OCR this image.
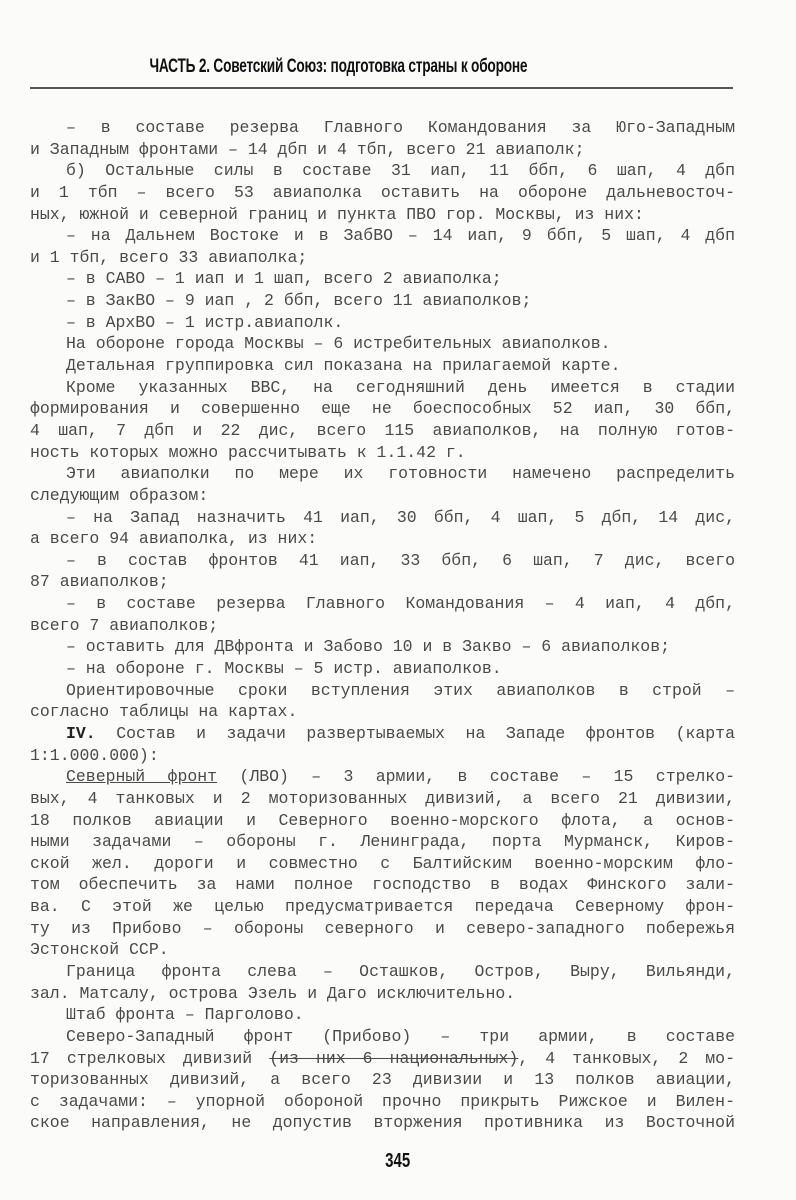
ЧАСТЬ 2. Советский Союз: подготовка страны к обороне
– в составе резерва Главного Командования за Юго-Западным
и Западным фронтами – 14 дбп и 4 тбп, всего 21 авиаполк;
б) Остальные силы в составе 31 иап, 11 ббп, 6 шап, 4 дбп
и 1 тбп – всего 53 авиаполка оставить на обороне дальневосточ-
ных, южной и северной границ и пункта ПВО гор. Москвы, из них:
– на Дальнем Востоке и в ЗабВО – 14 иап, 9 ббп, 5 шап, 4 дбп
и 1 тбп, всего 33 авиаполка;
– в САВО – 1 иап и 1 шап, всего 2 авиаполка;
– в ЗакВО – 9 иап , 2 ббп, всего 11 авиаполков;
– в АрхВО – 1 истр.авиаполк.
На обороне города Москвы – 6 истребительных авиаполков.
Детальная группировка сил показана на прилагаемой карте.
Кроме указанных ВВС, на сегодняшний день имеется в стадии
формирования и совершенно еще не боеспособных 52 иап, 30 ббп,
4 шап, 7 дбп и 22 дис, всего 115 авиаполков, на полную готов-
ность которых можно рассчитывать к 1.1.42 г.
Эти авиаполки по мере их готовности намечено распределить
следующим образом:
– на Запад назначить 41 иап, 30 ббп, 4 шап, 5 дбп, 14 дис,
а всего 94 авиаполка, из них:
– в состав фронтов 41 иап, 33 ббп, 6 шап, 7 дис, всего
87 авиаполков;
– в составе резерва Главного Командования – 4 иап, 4 дбп,
всего 7 авиаполков;
– оставить для ДВфронта и Забово 10 и в Закво – 6 авиаполков;
– на обороне г. Москвы – 5 истр. авиаполков.
Ориентировочные сроки вступления этих авиаполков в строй –
согласно таблицы на картах.
IV. Состав и задачи развертываемых на Западе фронтов (карта
1:1.000.000):
Северный фронт (ЛВО) – 3 армии, в составе – 15 стрелко-
вых, 4 танковых и 2 моторизованных дивизий, а всего 21 дивизии,
18 полков авиации и Северного военно-морского флота, а основ-
ными задачами – обороны г. Ленинграда, порта Мурманск, Киров-
ской жел. дороги и совместно с Балтийским военно-морским фло-
том обеспечить за нами полное господство в водах Финского зали-
ва. С этой же целью предусматривается передача Северному фрон-
ту из Прибово – обороны северного и северо-западного побережья
Эстонской ССР.
Граница фронта слева – Осташков, Остров, Выру, Вильянди,
зал. Матсалу, острова Эзель и Даго исключительно.
Штаб фронта – Парголово.
Северо-Западный фронт (Прибово) – три армии, в составе
17 стрелковых дивизий (из них 6 национальных), 4 танковых, 2 мо-
торизованных дивизий, а всего 23 дивизии и 13 полков авиации,
с задачами: – упорной обороной прочно прикрыть Рижское и Вилен-
ское направления, не допустив вторжения противника из Восточной
345
